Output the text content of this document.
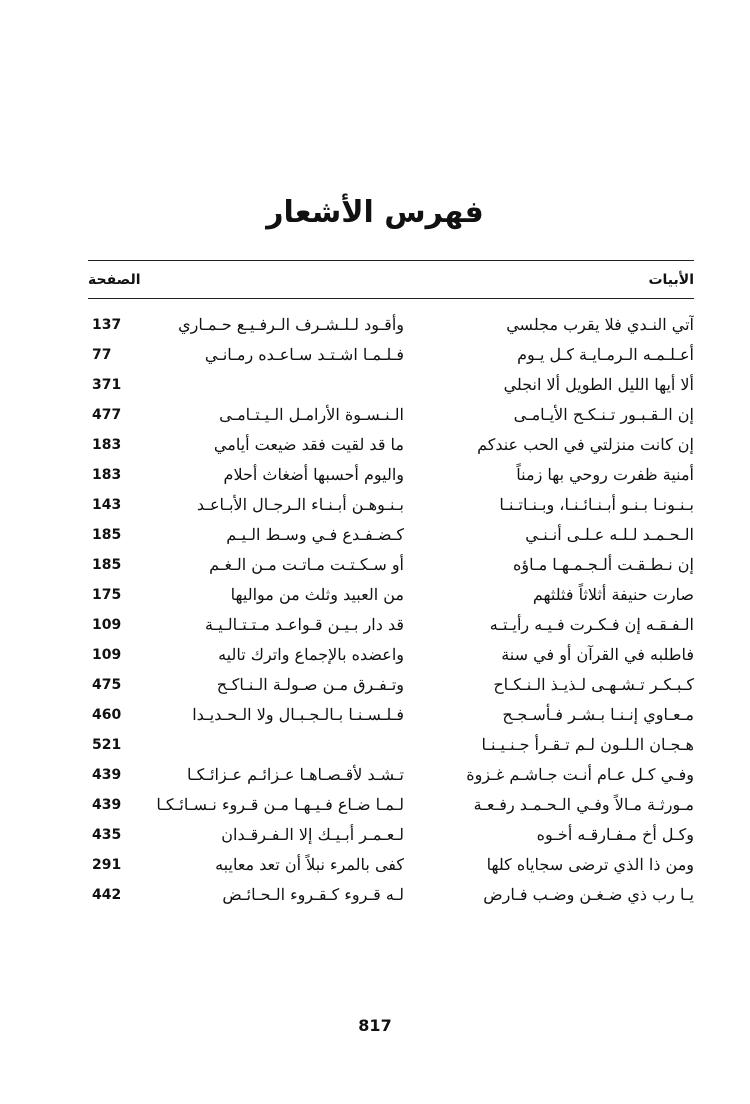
فهرس الأشعار
الأبيات
الصفحة
آتي النـدي فلا يقرب مجلسي
وأقـود لـلـشـرف الـرفـيـع حـمـاري
137
أعـلـمـه الـرمـايـة كـل يـوم
فـلـمـا اشـتـد سـاعـده رمـانـي
77
ألا أيها الليل الطويل ألا انجلي
371
إن الـقـبـور تـنـكـح الأيـامـى
الـنـسـوة الأرامـل الـيـتـامـى
477
إن كانت منزلتي في الحب عندكم
ما قد لقيت فقد ضيعت أيامي
183
أمنية ظفرت روحي بها زمناً
واليوم أحسبها أضغاث أحلام
183
بـنـونـا بـنـو أبـنـائـنـا، وبـنـاتـنـا
بـنـوهـن أبـنـاء الـرجـال الأبـاعـد
143
الـحـمـد لـلـه عـلـى أنـنـي
كـضـفـدع فـي وسـط الـيـم
185
إن نـطـقـت ألـجـمـهـا مـاؤه
أو سـكـتـت مـاتـت مـن الـغـم
185
صارت حنيفة أثلاثاً فثلثهم
من العبيد وثلث من مواليها
175
الـفـقـه إن فـكـرت فـيـه رأيـتـه
قد دار بـيـن قـواعـد مـتـتـالـيـة
109
فاطلبه في القرآن أو في سنة
واعضده بالإجماع واترك تاليه
109
كـبـكـر تـشـهـى لـذيـذ الـنـكـاح
وتـفـرق مـن صـولـة الـنـاكـح
475
مـعـاوي إنـنـا بـشـر فـأسـجـح
فـلـسـنـا بـالـجـبـال ولا الـحـديـدا
460
هـجـان الـلـون لـم تـقـرأ جـنـيـنـا
521
وفـي كـل عـام أنـت جـاشـم غـزوة
تـشـد لأقـصـاهـا عـزائـم عـزائـكـا
439
مـورثـة مـالاً وفـي الـحـمـد رفـعـة
لـمـا ضـاع فـيـهـا مـن قـروء نـسـائـكـا
439
وكـل أخ مـفـارقـه أخـوه
لـعـمـر أبـيـك إلا الـفـرقـدان
435
ومن ذا الذي ترضى سجاياه كلها
كفى بالمرء نبلاً أن تعد معايبه
291
يـا رب ذي ضـغـن وضـب فـارض
لـه قـروء كـقـروء الـحـائـض
442
817
